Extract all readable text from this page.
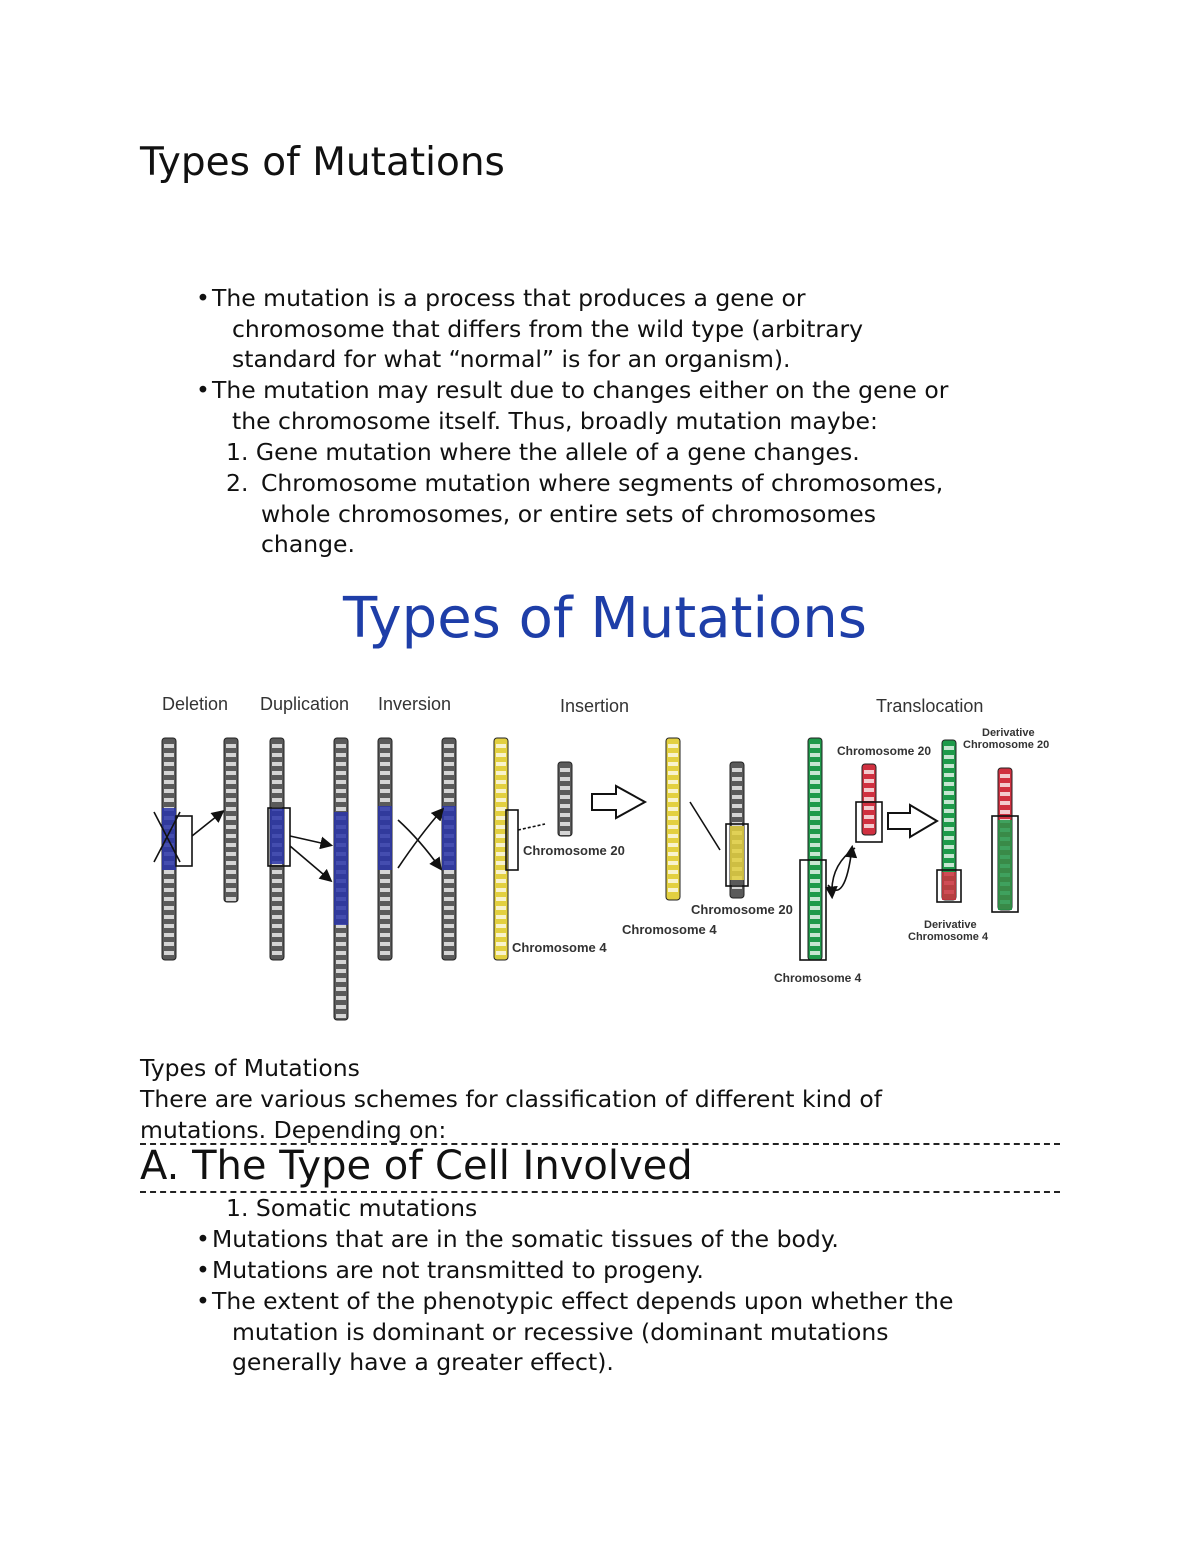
Types of Mutations
• The mutation is a process that produces a gene or
chromosome that differs from the wild type (arbitrary
standard for what “normal” is for an organism).
• The mutation may result due to changes either on the gene or
the chromosome itself. Thus, broadly mutation maybe:
1. Gene mutation where the allele of a gene changes.
2. Chromosome mutation where segments of chromosomes,
whole chromosomes, or entire sets of chromosomes
change.
Types of Mutations
Deletion Duplication Inversion	Insertion	Translocation
Chromosome 20
Chromosome 4
Chromosome 20
Chromosome 4
Chromosome 20
Chromosome 4
Derivative
Chromosome 20
Derivative
Chromosome 4
Types of Mutations
There are various schemes for classification of different kind of
mutations. Depending on:
A. The Type of Cell Involved
1. Somatic mutations
• Mutations that are in the somatic tissues of the body.
• Mutations are not transmitted to progeny.
• The extent of the phenotypic effect depends upon whether the
mutation is dominant or recessive (dominant mutations
generally have a greater effect).
